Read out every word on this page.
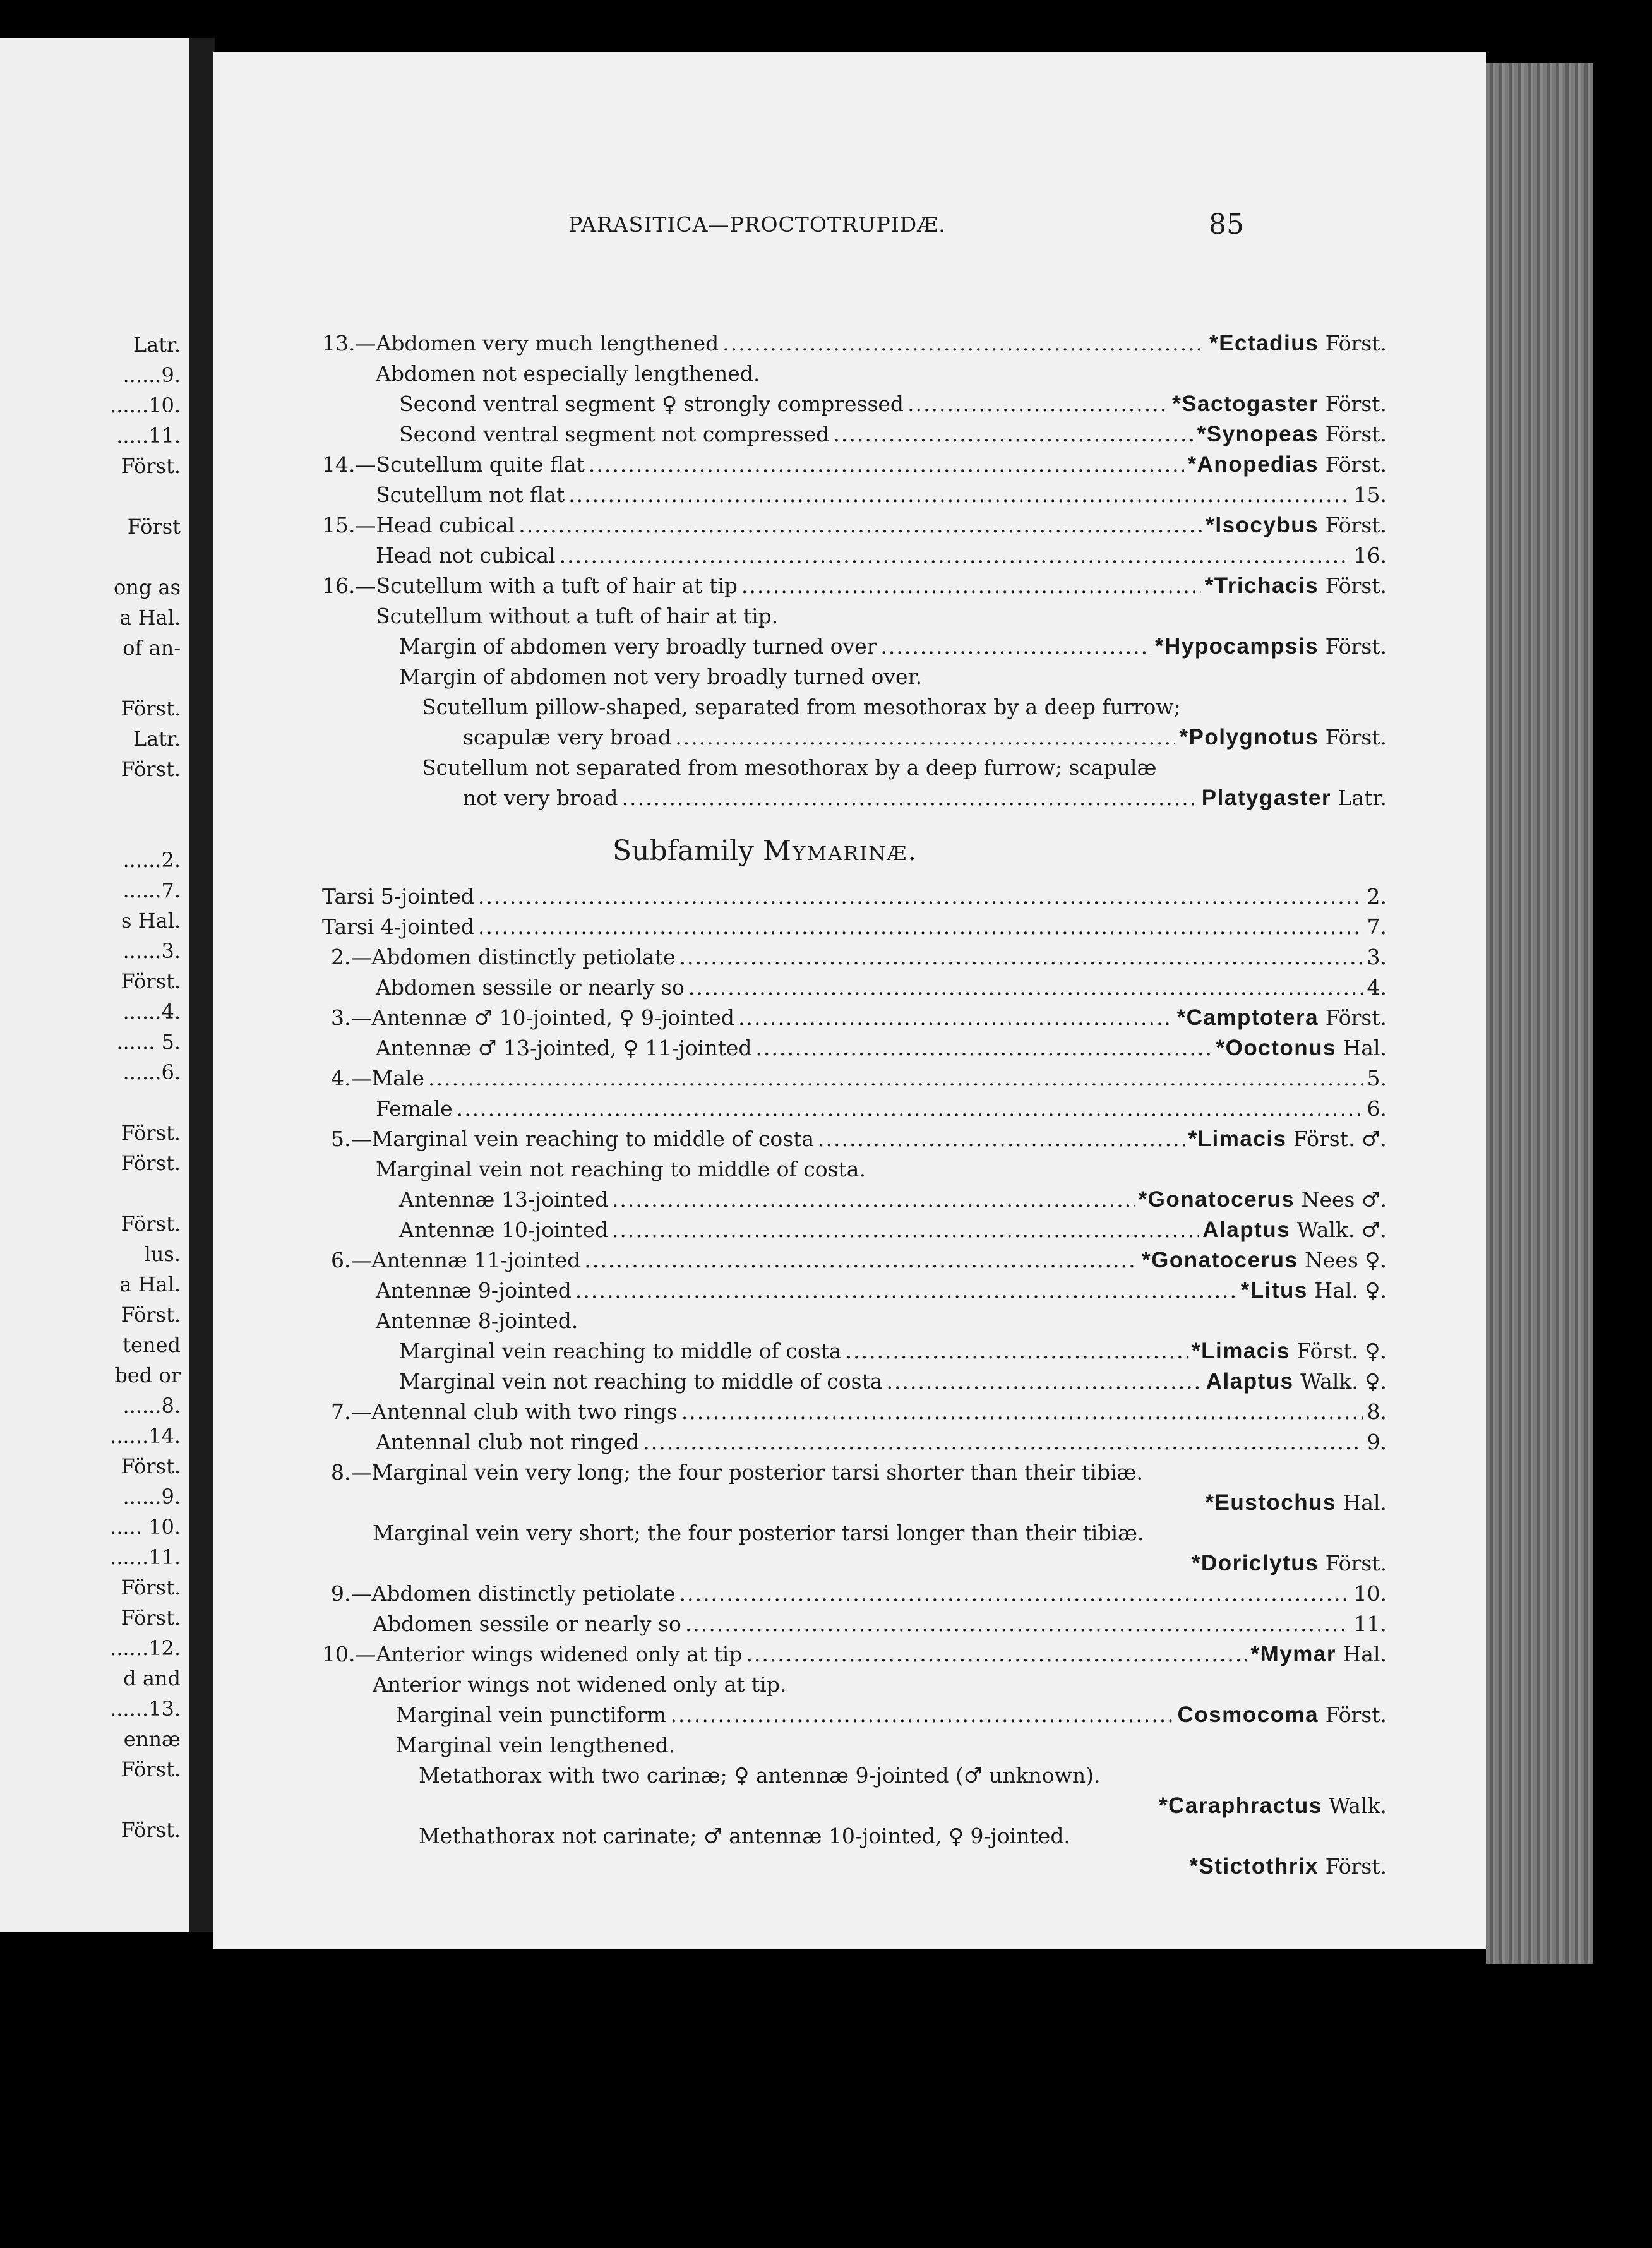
Latr.
......9.
......10.
.....11.
Först.
Först
ong as
a Hal.
of an-
Först.
Latr.
Först.
......2.
......7.
s Hal.
......3.
Först.
......4.
...... 5.
......6.
Först.
Först.
Först.
lus.
a Hal.
Först.
tened
bed or
......8.
......14.
Först.
......9.
..... 10.
......11.
Först.
Först.
......12.
d and
......13.
ennæ
Först.
Först.
PARASITICA—PROCTOTRUPIDÆ.	85
13.—Abdomen very much lengthened .....	*Ectadius Först.
Abdomen not especially lengthened.
Second ventral segment ♀ strongly compressed .....	*Sactogaster Först.
Second ventral segment not compressed .....	*Synopeas Först.
14.—Scutellum quite flat .....	*Anopedias Först.
Scutellum not flat .....	15.
15.—Head cubical .....	*Isocybus Först.
Head not cubical .....	16.
16.—Scutellum with a tuft of hair at tip .....	*Trichacis Först.
Scutellum without a tuft of hair at tip.
Margin of abdomen very broadly turned over .....	*Hypocampsis Först.
Margin of abdomen not very broadly turned over.
Scutellum pillow-shaped, separated from mesothorax by a deep furrow;
scapulæ very broad .....	*Polygnotus Först.
Scutellum not separated from mesothorax by a deep furrow; scapulæ
not very broad .....	Platygaster Latr.
Subfamily Mymarinæ.
Tarsi 5-jointed .....	2.
Tarsi 4-jointed .....	7.
2.—Abdomen distinctly petiolate .....	3.
Abdomen sessile or nearly so .....	4.
3.—Antennæ ♂ 10-jointed, ♀ 9-jointed .....	*Camptotera Först.
Antennæ ♂ 13-jointed, ♀ 11-jointed .....	*Ooctonus Hal.
4.—Male .....	5.
Female .....	6.
5.—Marginal vein reaching to middle of costa .....	*Limacis Först. ♂.
Marginal vein not reaching to middle of costa.
Antennæ 13-jointed .....	*Gonatocerus Nees ♂.
Antennæ 10-jointed .....	Alaptus Walk. ♂.
6.—Antennæ 11-jointed .....	*Gonatocerus Nees ♀.
Antennæ 9-jointed .....	*Litus Hal. ♀.
Antennæ 8-jointed.
Marginal vein reaching to middle of costa .....	*Limacis Först. ♀.
Marginal vein not reaching to middle of costa .....	Alaptus Walk. ♀.
7.—Antennal club with two rings .....	8.
Antennal club not ringed .....	9.
8.—Marginal vein very long; the four posterior tarsi shorter than their tibiæ.
*Eustochus Hal.
Marginal vein very short; the four posterior tarsi longer than their tibiæ.
*Doriclytus Först.
9.—Abdomen distinctly petiolate .....	10.
Abdomen sessile or nearly so .....	11.
10.—Anterior wings widened only at tip .....	*Mymar Hal.
Anterior wings not widened only at tip.
Marginal vein punctiform .....	Cosmocoma Först.
Marginal vein lengthened.
Metathorax with two carinæ; ♀ antennæ 9-jointed (♂ unknown).
*Caraphractus Walk.
Methathorax not carinate; ♂ antennæ 10-jointed, ♀ 9-jointed.
*Stictothrix Först.
